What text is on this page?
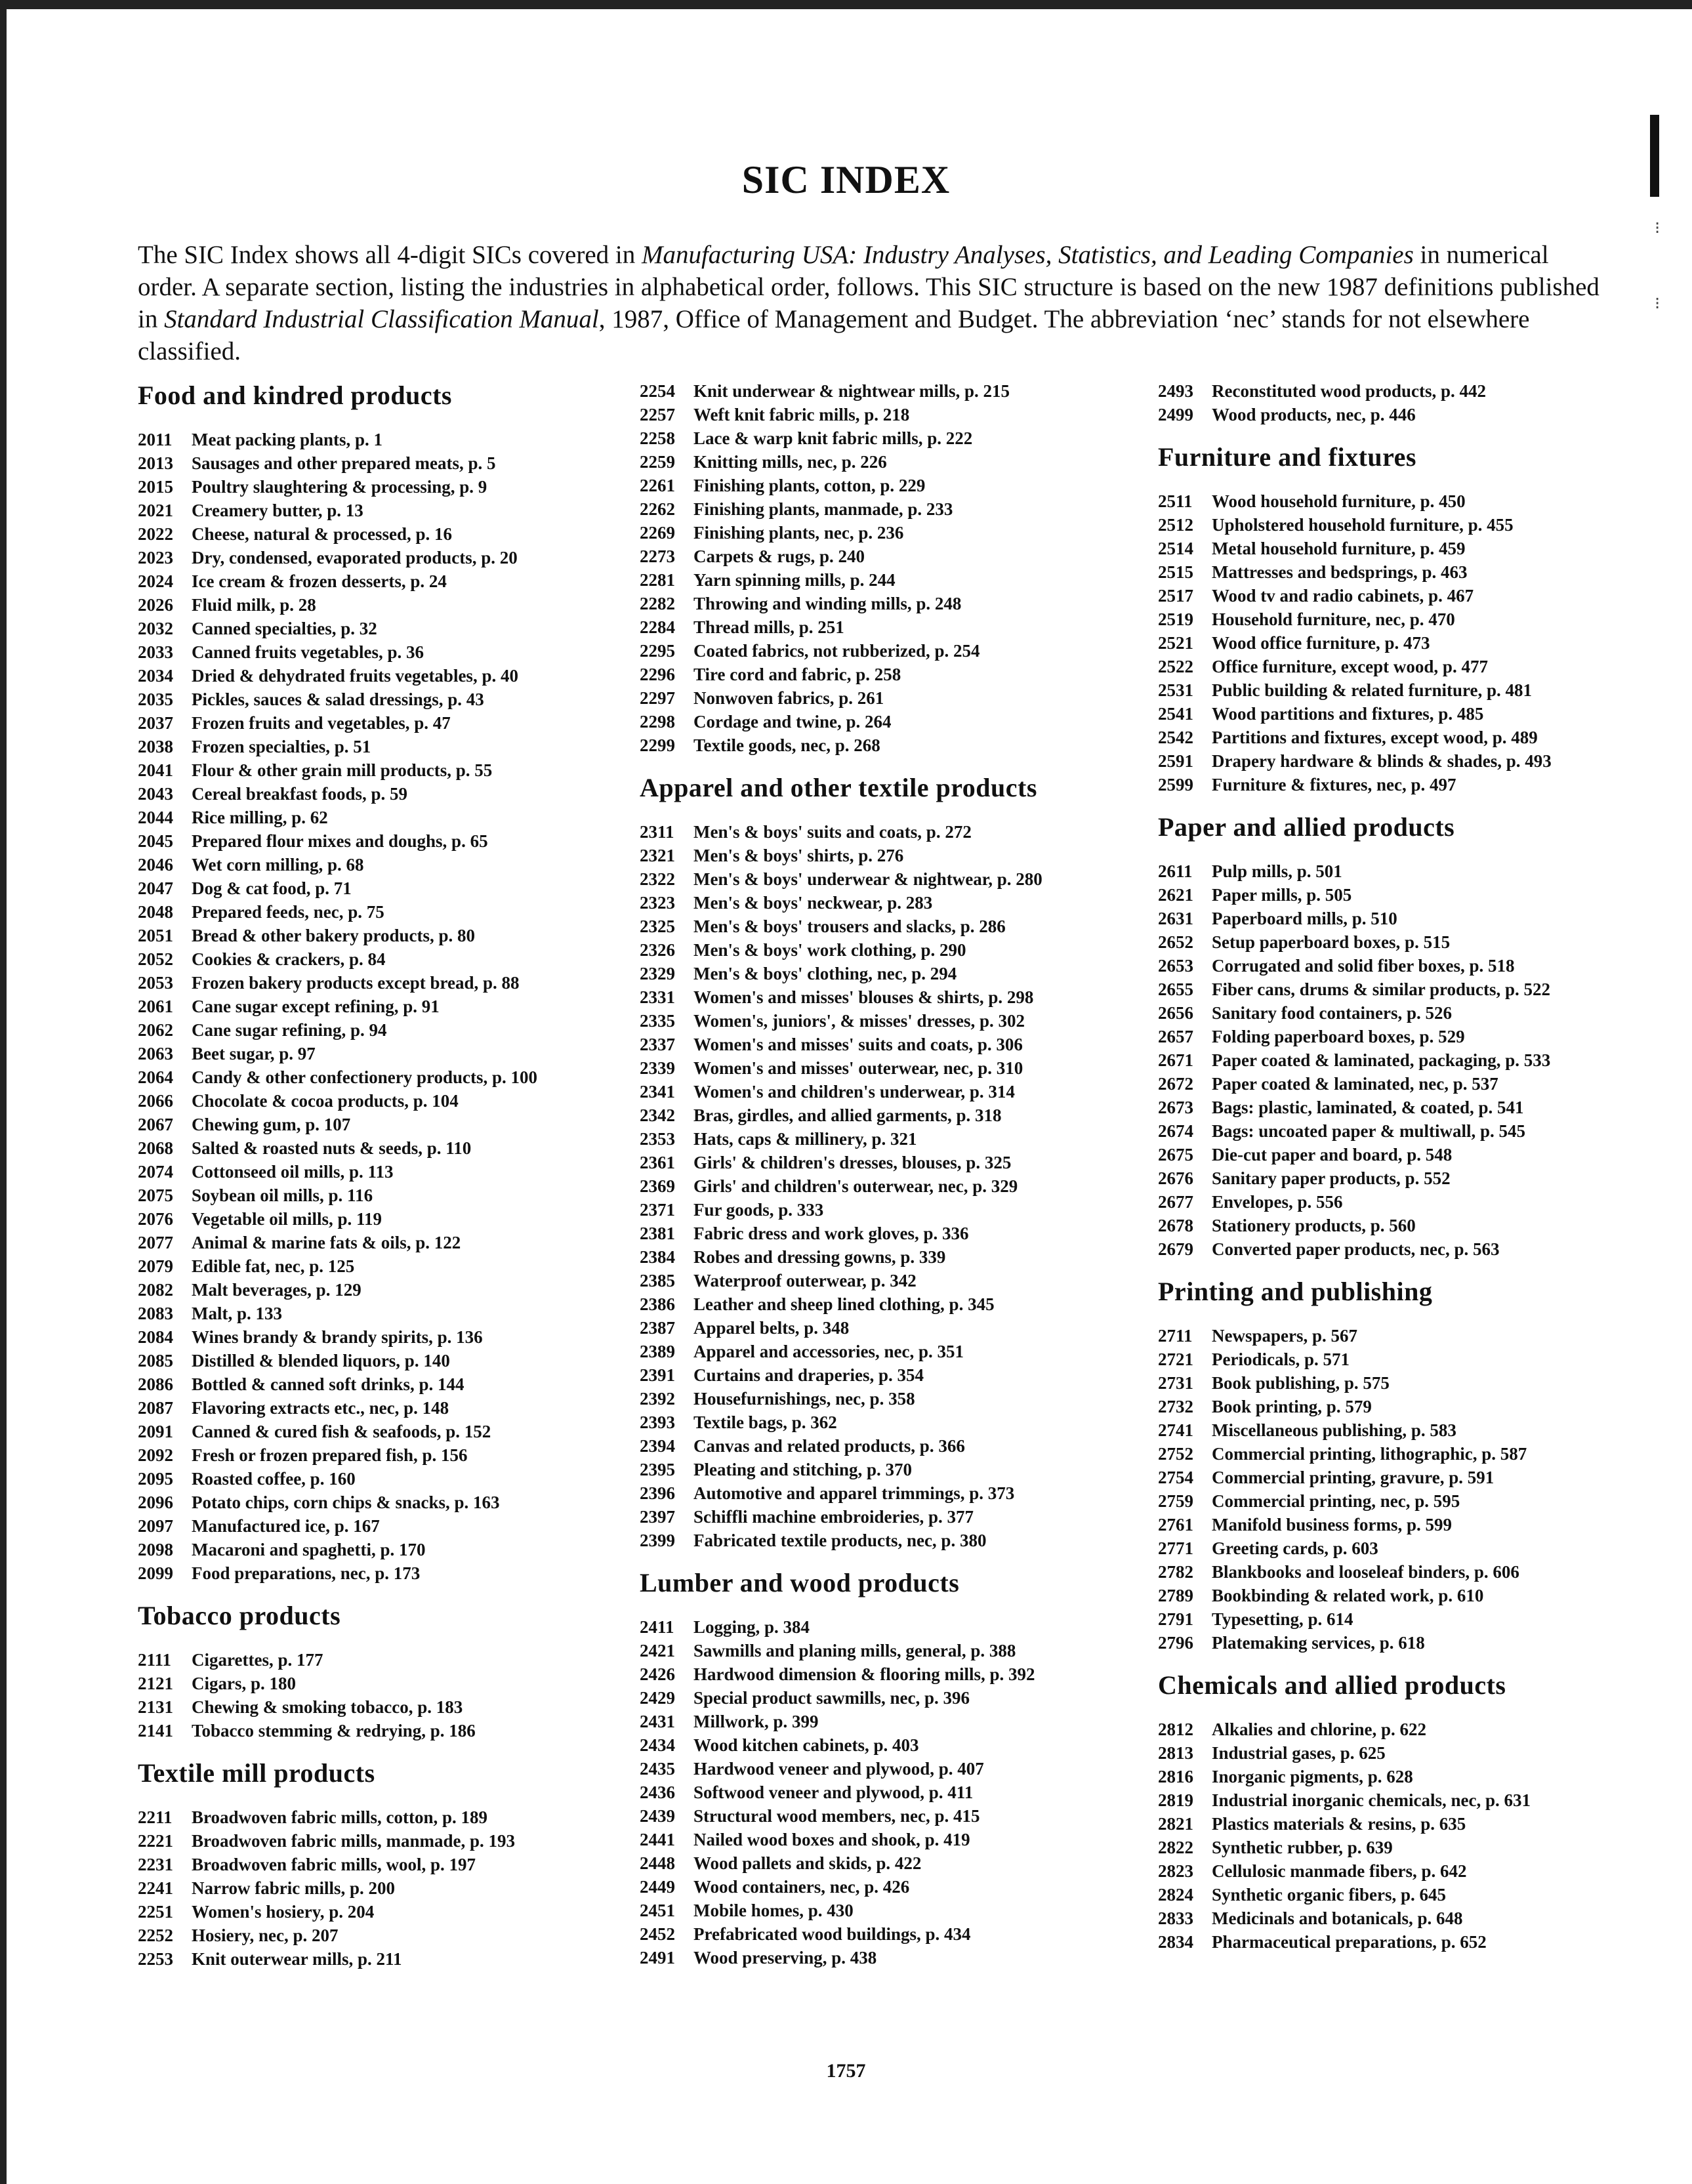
⁝
⁝
SIC INDEX

The SIC Index shows all 4-digit SICs covered in Manufacturing USA: Industry Analyses, Statistics, and Leading Companies in numerical order. A separate section, listing the industries in alphabetical order, follows. This SIC structure is based on the new 1987 definitions published in Standard Industrial Classification Manual, 1987, Office of Management and Budget. The abbreviation ‘nec’ stands for not elsewhere classified.

Food and kindred products
2011	Meat packing plants, p. 1
2013	Sausages and other prepared meats, p. 5
2015	Poultry slaughtering & processing, p. 9
2021	Creamery butter, p. 13
2022	Cheese, natural & processed, p. 16
2023	Dry, condensed, evaporated products, p. 20
2024	Ice cream & frozen desserts, p. 24
2026	Fluid milk, p. 28
2032	Canned specialties, p. 32
2033	Canned fruits vegetables, p. 36
2034	Dried & dehydrated fruits vegetables, p. 40
2035	Pickles, sauces & salad dressings, p. 43
2037	Frozen fruits and vegetables, p. 47
2038	Frozen specialties, p. 51
2041	Flour & other grain mill products, p. 55
2043	Cereal breakfast foods, p. 59
2044	Rice milling, p. 62
2045	Prepared flour mixes and doughs, p. 65
2046	Wet corn milling, p. 68
2047	Dog & cat food, p. 71
2048	Prepared feeds, nec, p. 75
2051	Bread & other bakery products, p. 80
2052	Cookies & crackers, p. 84
2053	Frozen bakery products except bread, p. 88
2061	Cane sugar except refining, p. 91
2062	Cane sugar refining, p. 94
2063	Beet sugar, p. 97
2064	Candy & other confectionery products, p. 100
2066	Chocolate & cocoa products, p. 104
2067	Chewing gum, p. 107
2068	Salted & roasted nuts & seeds, p. 110
2074	Cottonseed oil mills, p. 113
2075	Soybean oil mills, p. 116
2076	Vegetable oil mills, p. 119
2077	Animal & marine fats & oils, p. 122
2079	Edible fat, nec, p. 125
2082	Malt beverages, p. 129
2083	Malt, p. 133
2084	Wines brandy & brandy spirits, p. 136
2085	Distilled & blended liquors, p. 140
2086	Bottled & canned soft drinks, p. 144
2087	Flavoring extracts etc., nec, p. 148
2091	Canned & cured fish & seafoods, p. 152
2092	Fresh or frozen prepared fish, p. 156
2095	Roasted coffee, p. 160
2096	Potato chips, corn chips & snacks, p. 163
2097	Manufactured ice, p. 167
2098	Macaroni and spaghetti, p. 170
2099	Food preparations, nec, p. 173
Tobacco products
2111	Cigarettes, p. 177
2121	Cigars, p. 180
2131	Chewing & smoking tobacco, p. 183
2141	Tobacco stemming & redrying, p. 186
Textile mill products
2211	Broadwoven fabric mills, cotton, p. 189
2221	Broadwoven fabric mills, manmade, p. 193
2231	Broadwoven fabric mills, wool, p. 197
2241	Narrow fabric mills, p. 200
2251	Women's hosiery, p. 204
2252	Hosiery, nec, p. 207
2253	Knit outerwear mills, p. 211
2254	Knit underwear & nightwear mills, p. 215
2257	Weft knit fabric mills, p. 218
2258	Lace & warp knit fabric mills, p. 222
2259	Knitting mills, nec, p. 226
2261	Finishing plants, cotton, p. 229
2262	Finishing plants, manmade, p. 233
2269	Finishing plants, nec, p. 236
2273	Carpets & rugs, p. 240
2281	Yarn spinning mills, p. 244
2282	Throwing and winding mills, p. 248
2284	Thread mills, p. 251
2295	Coated fabrics, not rubberized, p. 254
2296	Tire cord and fabric, p. 258
2297	Nonwoven fabrics, p. 261
2298	Cordage and twine, p. 264
2299	Textile goods, nec, p. 268
Apparel and other textile products
2311	Men's & boys' suits and coats, p. 272
2321	Men's & boys' shirts, p. 276
2322	Men's & boys' underwear & nightwear, p. 280
2323	Men's & boys' neckwear, p. 283
2325	Men's & boys' trousers and slacks, p. 286
2326	Men's & boys' work clothing, p. 290
2329	Men's & boys' clothing, nec, p. 294
2331	Women's and misses' blouses & shirts, p. 298
2335	Women's, juniors', & misses' dresses, p. 302
2337	Women's and misses' suits and coats, p. 306
2339	Women's and misses' outerwear, nec, p. 310
2341	Women's and children's underwear, p. 314
2342	Bras, girdles, and allied garments, p. 318
2353	Hats, caps & millinery, p. 321
2361	Girls' & children's dresses, blouses, p. 325
2369	Girls' and children's outerwear, nec, p. 329
2371	Fur goods, p. 333
2381	Fabric dress and work gloves, p. 336
2384	Robes and dressing gowns, p. 339
2385	Waterproof outerwear, p. 342
2386	Leather and sheep lined clothing, p. 345
2387	Apparel belts, p. 348
2389	Apparel and accessories, nec, p. 351
2391	Curtains and draperies, p. 354
2392	Housefurnishings, nec, p. 358
2393	Textile bags, p. 362
2394	Canvas and related products, p. 366
2395	Pleating and stitching, p. 370
2396	Automotive and apparel trimmings, p. 373
2397	Schiffli machine embroideries, p. 377
2399	Fabricated textile products, nec, p. 380
Lumber and wood products
2411	Logging, p. 384
2421	Sawmills and planing mills, general, p. 388
2426	Hardwood dimension & flooring mills, p. 392
2429	Special product sawmills, nec, p. 396
2431	Millwork, p. 399
2434	Wood kitchen cabinets, p. 403
2435	Hardwood veneer and plywood, p. 407
2436	Softwood veneer and plywood, p. 411
2439	Structural wood members, nec, p. 415
2441	Nailed wood boxes and shook, p. 419
2448	Wood pallets and skids, p. 422
2449	Wood containers, nec, p. 426
2451	Mobile homes, p. 430
2452	Prefabricated wood buildings, p. 434
2491	Wood preserving, p. 438
2493	Reconstituted wood products, p. 442
2499	Wood products, nec, p. 446
Furniture and fixtures
2511	Wood household furniture, p. 450
2512	Upholstered household furniture, p. 455
2514	Metal household furniture, p. 459
2515	Mattresses and bedsprings, p. 463
2517	Wood tv and radio cabinets, p. 467
2519	Household furniture, nec, p. 470
2521	Wood office furniture, p. 473
2522	Office furniture, except wood, p. 477
2531	Public building & related furniture, p. 481
2541	Wood partitions and fixtures, p. 485
2542	Partitions and fixtures, except wood, p. 489
2591	Drapery hardware & blinds & shades, p. 493
2599	Furniture & fixtures, nec, p. 497
Paper and allied products
2611	Pulp mills, p. 501
2621	Paper mills, p. 505
2631	Paperboard mills, p. 510
2652	Setup paperboard boxes, p. 515
2653	Corrugated and solid fiber boxes, p. 518
2655	Fiber cans, drums & similar products, p. 522
2656	Sanitary food containers, p. 526
2657	Folding paperboard boxes, p. 529
2671	Paper coated & laminated, packaging, p. 533
2672	Paper coated & laminated, nec, p. 537
2673	Bags: plastic, laminated, & coated, p. 541
2674	Bags: uncoated paper & multiwall, p. 545
2675	Die-cut paper and board, p. 548
2676	Sanitary paper products, p. 552
2677	Envelopes, p. 556
2678	Stationery products, p. 560
2679	Converted paper products, nec, p. 563
Printing and publishing
2711	Newspapers, p. 567
2721	Periodicals, p. 571
2731	Book publishing, p. 575
2732	Book printing, p. 579
2741	Miscellaneous publishing, p. 583
2752	Commercial printing, lithographic, p. 587
2754	Commercial printing, gravure, p. 591
2759	Commercial printing, nec, p. 595
2761	Manifold business forms, p. 599
2771	Greeting cards, p. 603
2782	Blankbooks and looseleaf binders, p. 606
2789	Bookbinding & related work, p. 610
2791	Typesetting, p. 614
2796	Platemaking services, p. 618
Chemicals and allied products
2812	Alkalies and chlorine, p. 622
2813	Industrial gases, p. 625
2816	Inorganic pigments, p. 628
2819	Industrial inorganic chemicals, nec, p. 631
2821	Plastics materials & resins, p. 635
2822	Synthetic rubber, p. 639
2823	Cellulosic manmade fibers, p. 642
2824	Synthetic organic fibers, p. 645
2833	Medicinals and botanicals, p. 648
2834	Pharmaceutical preparations, p. 652
1757
